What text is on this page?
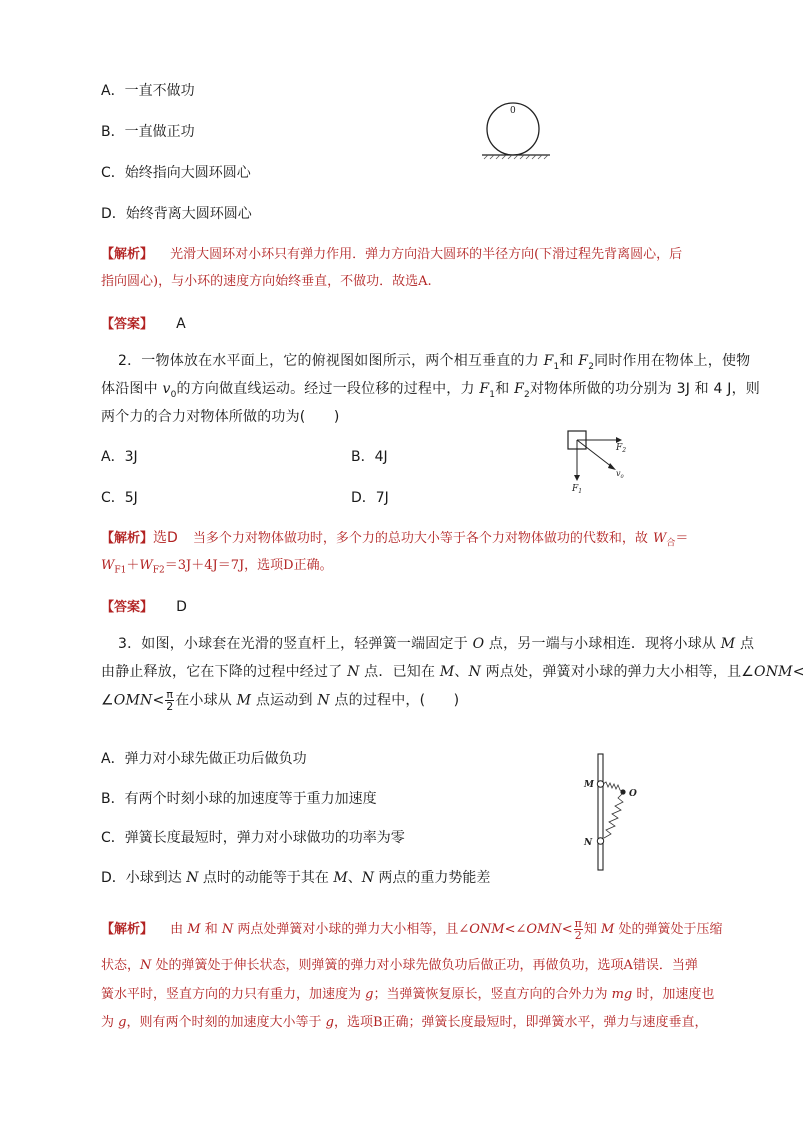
A．一直不做功
B．一直做正功
C．始终指向大圆环圆心
D．始终背离大圆环圆心
0
【解析】 光滑大圆环对小环只有弹力作用．弹力方向沿大圆环的半径方向(下滑过程先背离圆心，后
指向圆心)，与小环的速度方向始终垂直，不做功．故选A.
【答案】 A
2．一物体放在水平面上，它的俯视图如图所示，两个相互垂直的力 $F_1$和 $F_2$同时作用在物体上，使物
体沿图中 $v_0$的方向做直线运动。经过一段位移的过程中，力 $F_1$和 $F_2$对物体所做的功分别为 3J 和 4 J，则
两个力的合力对物体所做的功为(　　)
A．3J	B．4J
C．5J	D．7J
$F_2$
$F_1$
$v_0$
【解析】选D 当多个力对物体做功时，多个力的总功大小等于各个力对物体做功的代数和，故 $W_合=$
$W_{F1}+W_{F2}=3J+4J=7J$，选项D正确。
【答案】 D
3．如图，小球套在光滑的竖直杆上，轻弹簧一端固定于 O 点，另一端与小球相连．现将小球从 M 点
由静止释放，它在下降的过程中经过了 N 点．已知在 M、N 两点处，弹簧对小球的弹力大小相等，且∠ONM<
∠OMN< $\frac{\pi}{2}$ 在小球从 M 点运动到 N 点的过程中，(　　)
A．弹力对小球先做正功后做负功
B．有两个时刻小球的加速度等于重力加速度
C．弹簧长度最短时，弹力对小球做功的功率为零
D．小球到达 N 点时的动能等于其在 M、N 两点的重力势能差
M
O
N
【解析】 由 M 和 N 两点处弹簧对小球的弹力大小相等，且∠ONM<∠OMN< $\frac{\pi}{2}$ 知 M 处的弹簧处于压缩
状态，N 处的弹簧处于伸长状态，则弹簧的弹力对小球先做负功后做正功，再做负功，选项A错误．当弹
簧水平时，竖直方向的力只有重力，加速度为 g；当弹簧恢复原长，竖直方向的合外力为 mg 时，加速度也
为 g，则有两个时刻的加速度大小等于 g，选项B正确；弹簧长度最短时，即弹簧水平，弹力与速度垂直，
